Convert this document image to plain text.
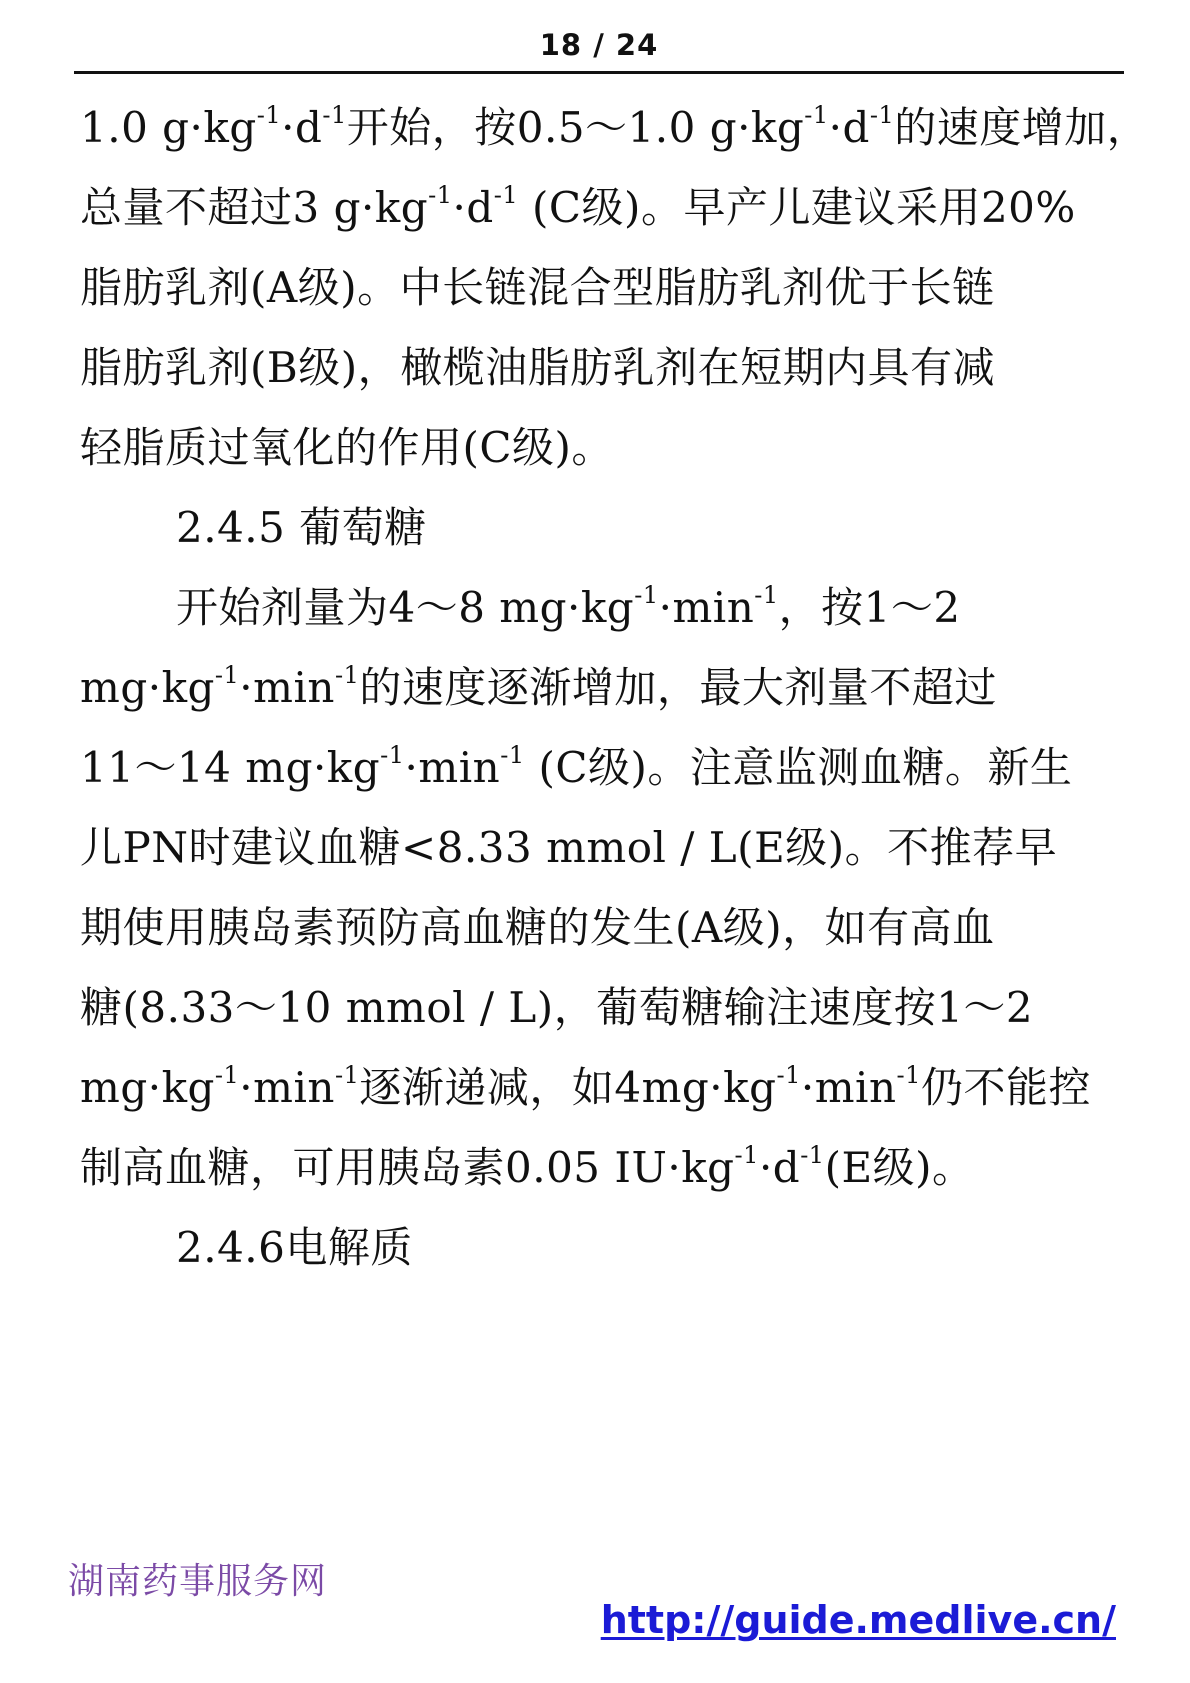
18 / 24
1.0 $g\cdot kg^{-1}\cdot d^{-1}$开始，按0.5～1.0 $g\cdot kg^{-1}\cdot d^{-1}$的速度增加，
总量不超过3 $g\cdot kg^{-1}\cdot d^{-1}$ (C级)。早产儿建议采用20%
脂肪乳剂(A级)。中长链混合型脂肪乳剂优于长链
脂肪乳剂(B级)，橄榄油脂肪乳剂在短期内具有减
轻脂质过氧化的作用(C级)。
2.4.5 葡萄糖
开始剂量为4～8 $mg\cdot kg^{-1}\cdot\min^{-1}$，按1～2
$mg\cdot kg^{-1}\cdot\min^{-1}$的速度逐渐增加，最大剂量不超过
11～14 $mg\cdot kg^{-1}\cdot\min^{-1}$ (C级)。注意监测血糖。新生
儿PN时建议血糖<8.33 mmol / L(E级)。不推荐早
期使用胰岛素预防高血糖的发生(A级)，如有高血
糖(8.33～10 mmol / L)，葡萄糖输注速度按1～2
$mg\cdot kg^{-1}\cdot\min^{-1}$逐渐递减，如$4mg\cdot kg^{-1}\cdot\min^{-1}$仍不能控
制高血糖，可用胰岛素0.05 $IU\cdot kg^{-1}\cdot d^{-1}(E$级)。
2.4.6电解质
湖南药事服务网
http://guide.medlive.cn/
